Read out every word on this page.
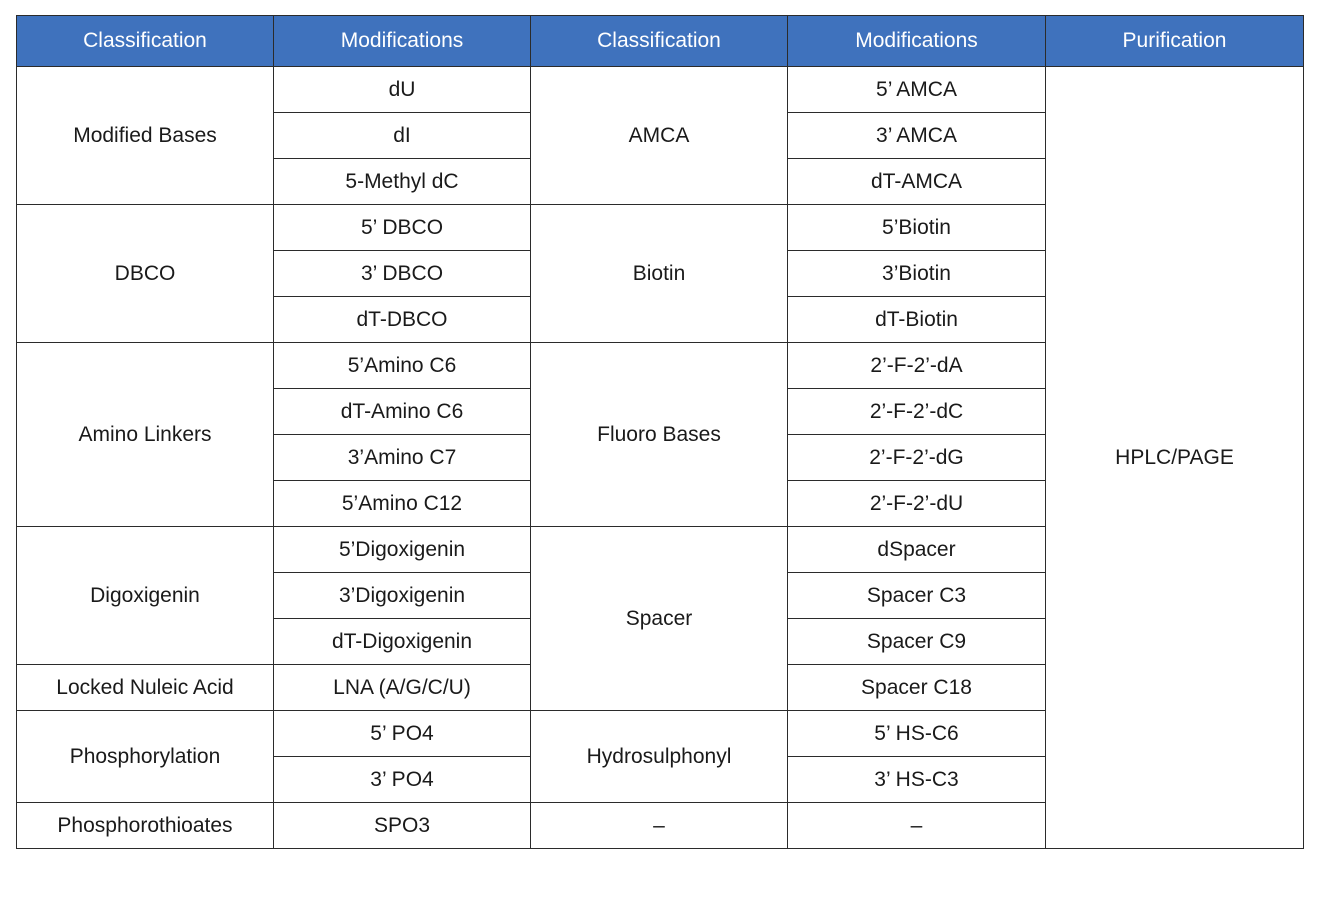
Classification	Modifications	Classification	Modifications	Purification
Modified Bases	dU	AMCA	5’ AMCA	HPLC/PAGE
	dI		3’ AMCA	
	5-Methyl dC		dT-AMCA	
DBCO	5’ DBCO	Biotin	5’Biotin	
	3’ DBCO		3’Biotin	
	dT-DBCO		dT-Biotin	
Amino Linkers	5’Amino C6	Fluoro Bases	2’-F-2’-dA	
	dT-Amino C6		2’-F-2’-dC	
	3’Amino C7		2’-F-2’-dG	
	5’Amino C12		2’-F-2’-dU	
Digoxigenin	5’Digoxigenin	Spacer	dSpacer	
	3’Digoxigenin		Spacer C3	
	dT-Digoxigenin		Spacer C9	
Locked Nuleic Acid	LNA (A/G/C/U)		Spacer C18	
Phosphorylation	5’ PO4	Hydrosulphonyl	5’ HS-C6	
	3’ PO4		3’ HS-C3	
Phosphorothioates	SPO3	–	–	
